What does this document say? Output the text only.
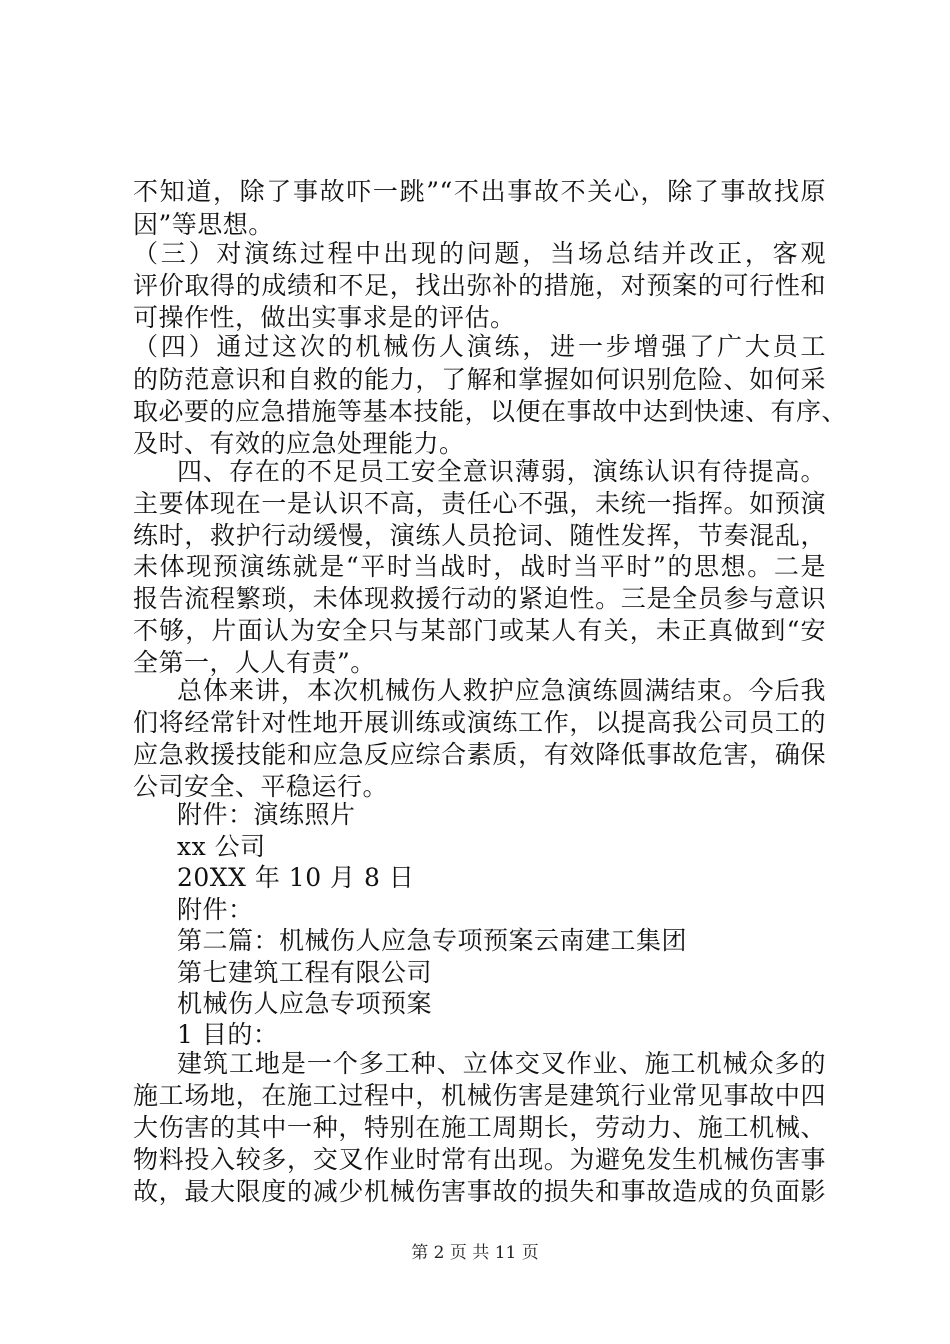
不知道，除了事故吓一跳”“不出事故不关心，除了事故找原
因”等思想。
（三）对演练过程中出现的问题，当场总结并改正，客观
评价取得的成绩和不足，找出弥补的措施，对预案的可行性和
可操作性，做出实事求是的评估。
（四）通过这次的机械伤人演练，进一步增强了广大员工
的防范意识和自救的能力，了解和掌握如何识别危险、如何采
取必要的应急措施等基本技能，以便在事故中达到快速、有序、
及时、有效的应急处理能力。
四、存在的不足员工安全意识薄弱，演练认识有待提高。
主要体现在一是认识不高，责任心不强，未统一指挥。如预演
练时，救护行动缓慢，演练人员抢词、随性发挥，节奏混乱，
未体现预演练就是“平时当战时，战时当平时”的思想。二是
报告流程繁琐，未体现救援行动的紧迫性。三是全员参与意识
不够，片面认为安全只与某部门或某人有关，未正真做到“安
全第一，人人有责”。
总体来讲，本次机械伤人救护应急演练圆满结束。今后我
们将经常针对性地开展训练或演练工作，以提高我公司员工的
应急救援技能和应急反应综合素质，有效降低事故危害，确保
公司安全、平稳运行。
附件：演练照片
xx 公司
20XX 年 10 月 8 日
附件：
第二篇：机械伤人应急专项预案云南建工集团
第七建筑工程有限公司
机械伤人应急专项预案
1 目的：
建筑工地是一个多工种、立体交叉作业、施工机械众多的
施工场地，在施工过程中，机械伤害是建筑行业常见事故中四
大伤害的其中一种，特别在施工周期长，劳动力、施工机械、
物料投入较多，交叉作业时常有出现。为避免发生机械伤害事
故，最大限度的减少机械伤害事故的损失和事故造成的负面影
第 2 页 共 11 页
